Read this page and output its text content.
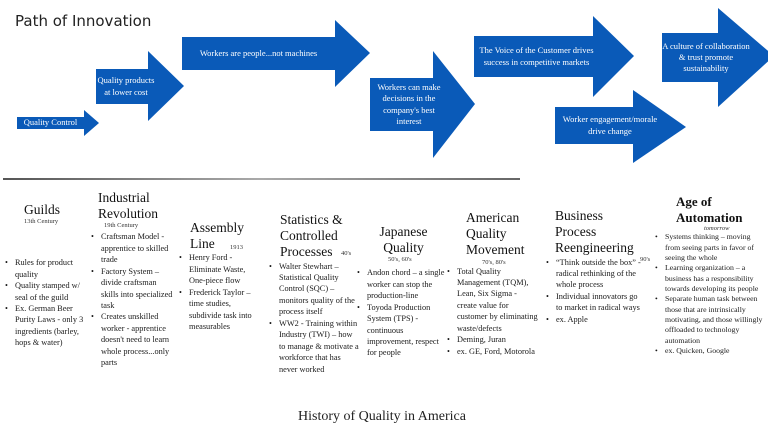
Path of Innovation
Quality Control
Quality products at lower cost
Workers are people...not machines
Workers can make decisions in the company's best interest
The Voice of the Customer drives success in competitive markets
Worker engagement/morale drive change
A culture of collaboration & trust promote sustainability
Guilds
13th Century
• Rules for product quality
• Quality stamped w/ seal of the guild
• Ex. German Beer Purity Laws - only 3 ingredients (barley, hops & water)
Industrial Revolution
19th Century
• Craftsman Model - apprentice to skilled trade
• Factory System – divide craftsman skills into specialized task
• Creates unskilled worker - apprentice doesn't need to learn whole process...only parts
Assembly Line	1913
• Henry Ford - Eliminate Waste, One-piece flow
• Frederick Taylor – time studies, subdivide task into measurables
Statistics & Controlled Processes	40's
• Walter Stewhart – Statistical Quality Control (SQC) – monitors quality of the process itself
• WW2 - Training within Industry (TWI) – how to manage & motivate a workforce that has never worked
Japanese Quality
50's, 60's
• Andon chord – a single worker can stop the production-line
• Toyoda Production System (TPS) - continuous improvement, respect for people
American Quality Movement
70's, 80's
• Total Quality Management (TQM), Lean, Six Sigma - create value for customer by eliminating waste/defects
• Deming, Juran
• ex. GE, Ford, Motorola
Business Process Reengineering
90's
• “Think outside the box” - radical rethinking of the whole process
• Individual innovators go to market in radical ways
• ex. Apple
Age of Automation
tomorrow
• Systems thinking – moving from seeing parts in favor of seeing the whole
• Learning organization – a business has a responsibility towards developing its people
• Separate human task between those that are intrinsically motivating, and those willingly offloaded to technology automation
• ex. Quicken, Google
History of Quality in America
